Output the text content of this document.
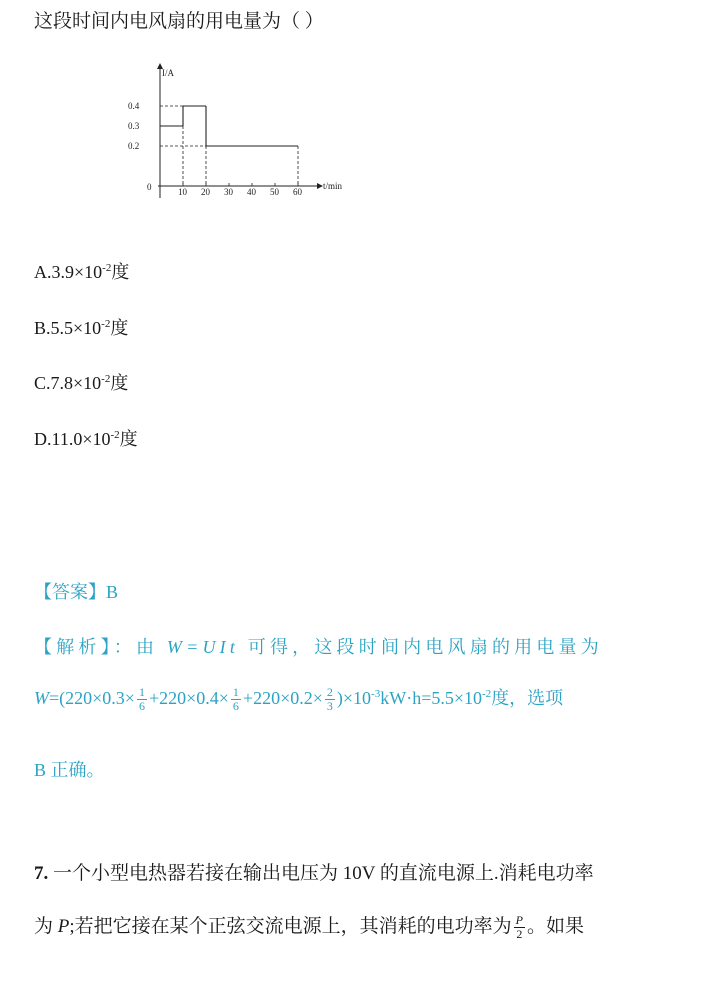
这段时间内电风扇的用电量为（ ）
10 20 30 40 50 60
0.2
0.3
0.4
I/A
t/min
0
$A.3.9\times 10^{-2}$度
$B.5.5\times 10^{-2}$度
$C.7.8\times 10^{-2}$度
$D.11.0\times 10^{-2}$度
【答案】B
【解析】：由 W=UIt 可得，这段时间内电风扇的用电量为
$W=(220\times 0.3\times \frac{1}{6} +220\times 0.4\times \frac{1}{6} +220\times 0.2\times \frac{2}{3} )\times 10^{-3}kW\cdot h=5.5\times 10^{-2}$度，选项
B 正确。
7. 一个小型电热器若接在输出电压为 10V 的直流电源上.消耗电功率
为 P;若把它接在某个正弦交流电源上，其消耗的电功率为 $\frac{P}{2}$ 。如果
